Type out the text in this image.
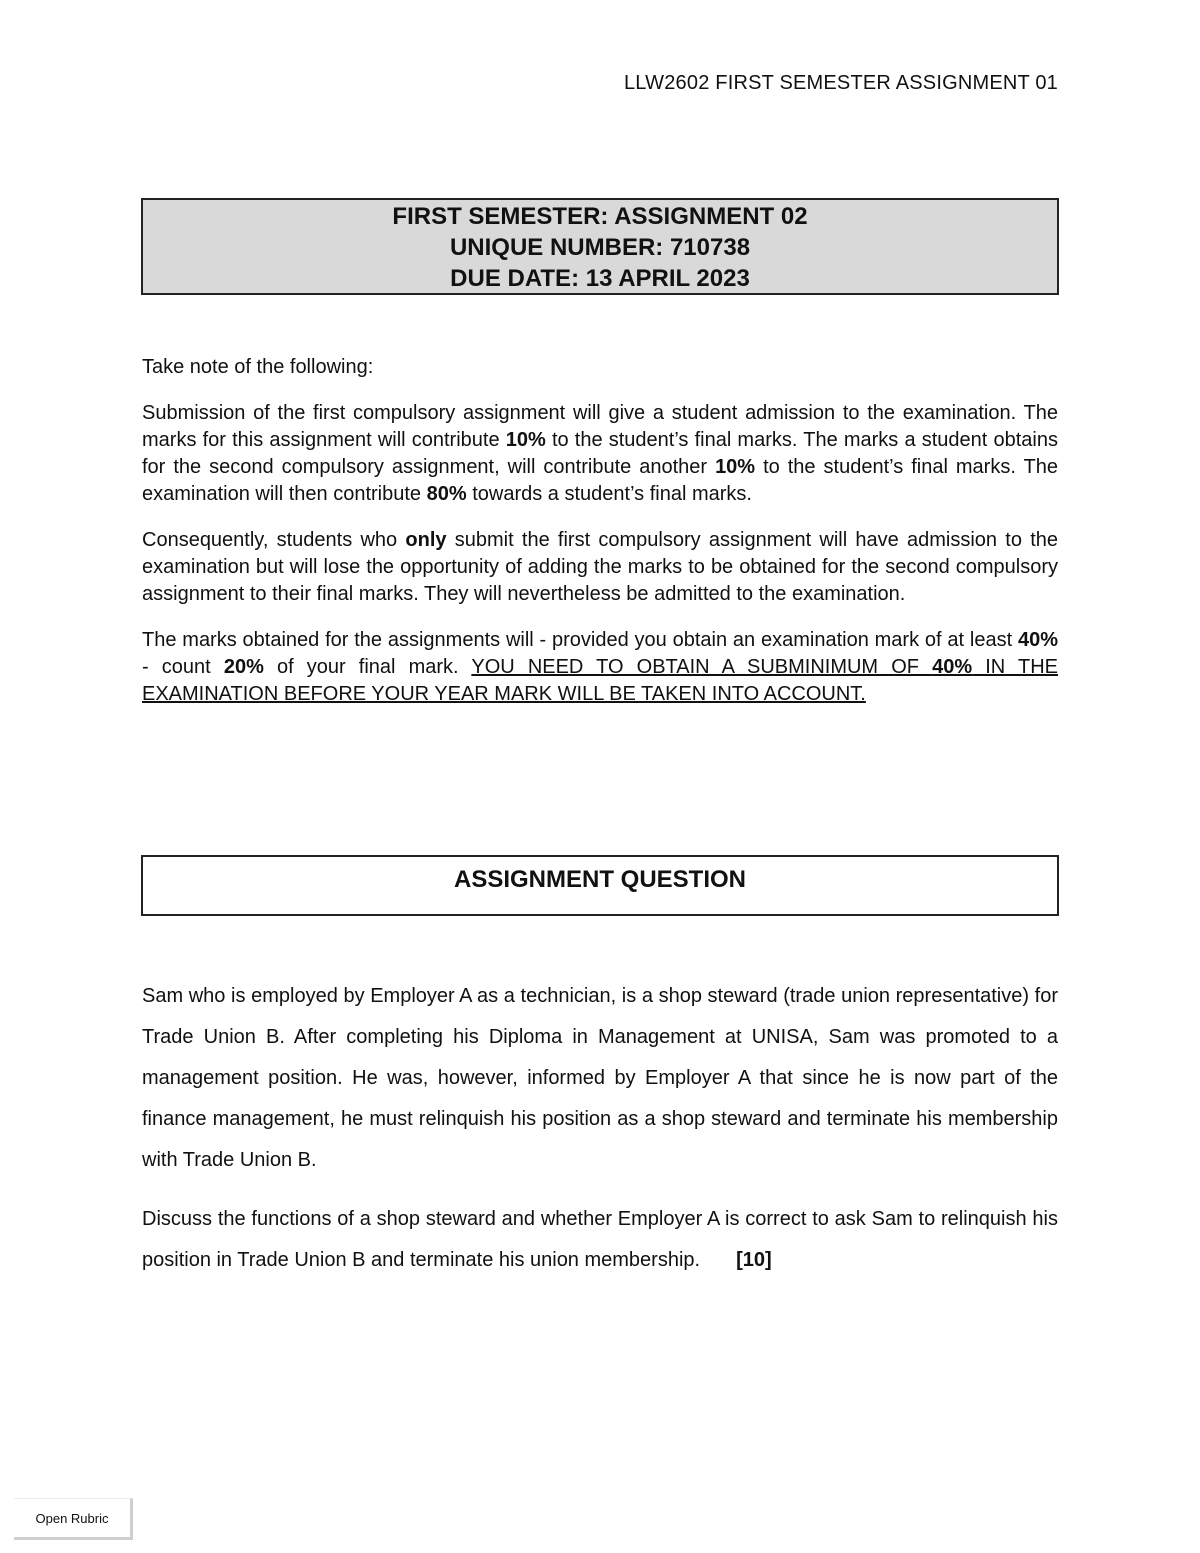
LLW2602 FIRST SEMESTER ASSIGNMENT 01
FIRST SEMESTER: ASSIGNMENT 02
UNIQUE NUMBER: 710738
DUE DATE: 13 APRIL 2023

Take note of the following:

Submission of the first compulsory assignment will give a student admission to the examination. The marks for this assignment will contribute 10% to the student’s final marks. The marks a student obtains for the second compulsory assignment, will contribute another 10% to the student’s final marks. The examination will then contribute 80% towards a student’s final marks.

Consequently, students who only submit the first compulsory assignment will have admission to the examination but will lose the opportunity of adding the marks to be obtained for the second compulsory assignment to their final marks. They will nevertheless be admitted to the examination.

The marks obtained for the assignments will - provided you obtain an examination mark of at least 40% - count 20% of your final mark. YOU NEED TO OBTAIN A SUBMINIMUM OF 40% IN THE EXAMINATION BEFORE YOUR YEAR MARK WILL BE TAKEN INTO ACCOUNT.

ASSIGNMENT QUESTION

Sam who is employed by Employer A as a technician, is a shop steward (trade union representative) for Trade Union B. After completing his Diploma in Management at UNISA, Sam was promoted to a management position. He was, however, informed by Employer A that since he is now part of the finance management, he must relinquish his position as a shop steward and terminate his membership with Trade Union B.

Discuss the functions of a shop steward and whether Employer A is correct to ask Sam to relinquish his position in Trade Union B and terminate his union membership. [10]

Open Rubric
